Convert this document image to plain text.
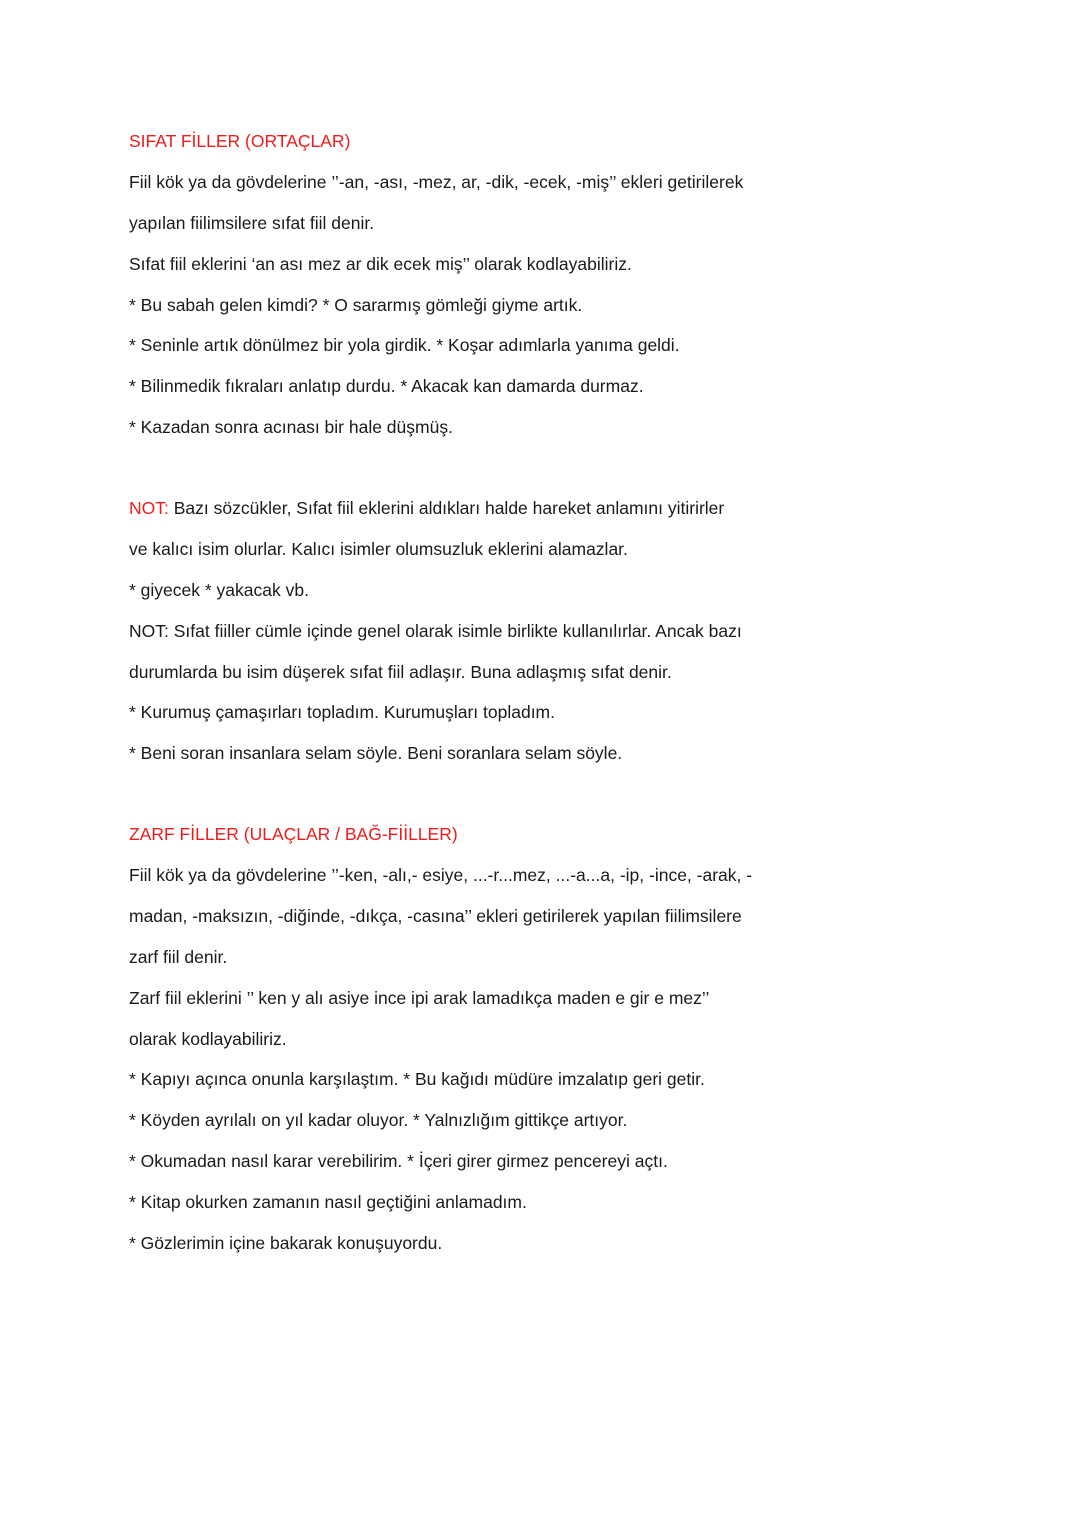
SIFAT FİLLER (ORTAÇLAR)
Fiil kök ya da gövdelerine ’’-an, -ası, -mez, ar, -dik, -ecek, -miş’’ ekleri getirilerek
yapılan fiilimsilere sıfat fiil denir.
Sıfat fiil eklerini ‘an ası mez ar dik ecek miş’’ olarak kodlayabiliriz.
* Bu sabah gelen kimdi? * O sararmış gömleği giyme artık.
* Seninle artık dönülmez bir yola girdik. * Koşar adımlarla yanıma geldi.
* Bilinmedik fıkraları anlatıp durdu. * Akacak kan damarda durmaz.
* Kazadan sonra acınası bir hale düşmüş.
NOT: Bazı sözcükler, Sıfat fiil eklerini aldıkları halde hareket anlamını yitirirler
ve kalıcı isim olurlar. Kalıcı isimler olumsuzluk eklerini alamazlar.
* giyecek * yakacak vb.
NOT: Sıfat fiiller cümle içinde genel olarak isimle birlikte kullanılırlar. Ancak bazı
durumlarda bu isim düşerek sıfat fiil adlaşır. Buna adlaşmış sıfat denir.
* Kurumuş çamaşırları topladım. Kurumuşları topladım.
* Beni soran insanlara selam söyle. Beni soranlara selam söyle.
ZARF FİLLER (ULAÇLAR / BAĞ-FİİLLER)
Fiil kök ya da gövdelerine ’’-ken, -alı,- esiye, ...-r...mez, ...-a...a, -ip, -ince, -arak, -
madan, -maksızın, -diğinde, -dıkça, -casına’’ ekleri getirilerek yapılan fiilimsilere
zarf fiil denir.
Zarf fiil eklerini ’’ ken y alı asiye ince ipi arak lamadıkça maden e gir e mez’’
olarak kodlayabiliriz.
* Kapıyı açınca onunla karşılaştım. * Bu kağıdı müdüre imzalatıp geri getir.
* Köyden ayrılalı on yıl kadar oluyor. * Yalnızlığım gittikçe artıyor.
* Okumadan nasıl karar verebilirim. * İçeri girer girmez pencereyi açtı.
* Kitap okurken zamanın nasıl geçtiğini anlamadım.
* Gözlerimin içine bakarak konuşuyordu.
